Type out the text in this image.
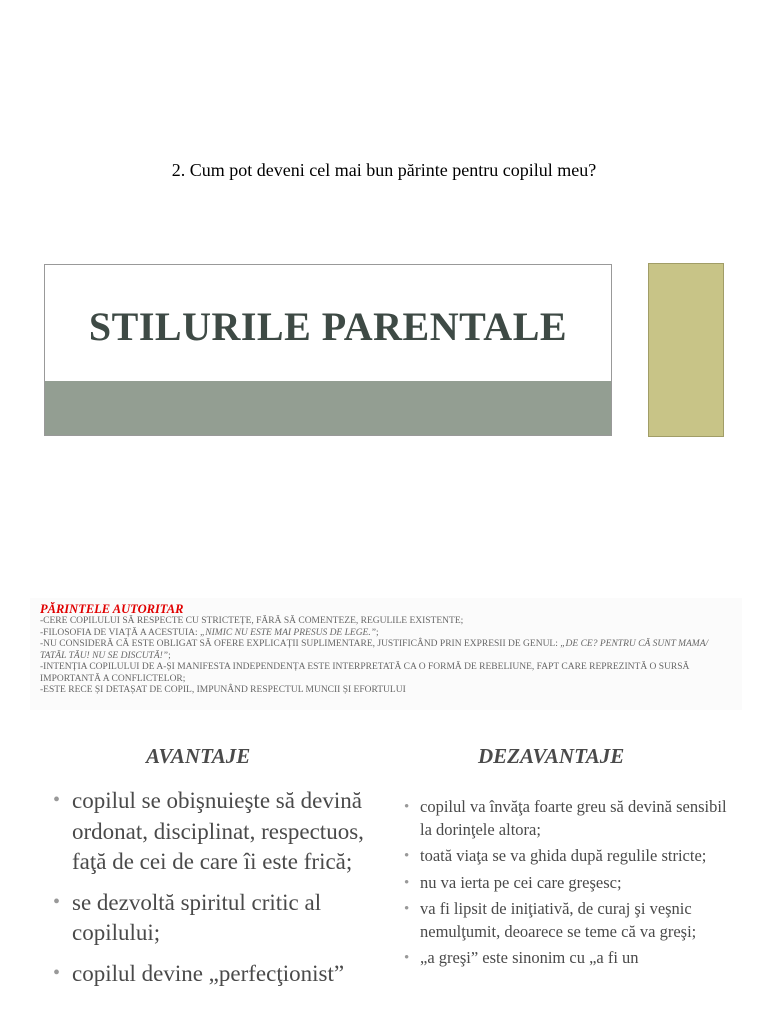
2. Cum pot deveni cel mai bun părinte pentru copilul meu?

STILURILE PARENTALE

PĂRINTELE AUTORITAR

-CERE COPILULUI SĂ RESPECTE CU STRICTEȚE, FĂRĂ SĂ COMENTEZE, REGULILE EXISTENTE;

-FILOSOFIA DE VIAȚĂ A ACESTUIA: „NIMIC NU ESTE MAI PRESUS DE LEGE.”;

-NU CONSIDERĂ CĂ ESTE OBLIGAT SĂ OFERE EXPLICAȚII SUPLIMENTARE, JUSTIFICÂND PRIN EXPRESII DE GENUL: „DE CE? PENTRU CĂ SUNT MAMA/ TATĂL TĂU! NU SE DISCUTĂ!”;

-INTENȚIA COPILULUI DE A-ȘI MANIFESTA INDEPENDENȚA ESTE INTERPRETATĂ CA O FORMĂ DE REBELIUNE, FAPT CARE REPREZINTĂ O SURSĂ IMPORTANTĂ A CONFLICTELOR;

-ESTE RECE ȘI DETAȘAT DE COPIL, IMPUNÂND RESPECTUL MUNCII ȘI EFORTULUI

AVANTAJE	DEZAVANTAJE
• copilul se obişnuieşte să devină ordonat, disciplinat, respectuos, faţă de cei de care îi este frică;
• se dezvoltă spiritul critic al copilului;
• copilul devine „perfecţionist”
• copilul va învăţa foarte greu să devină sensibil la dorinţele altora;
• toată viaţa se va ghida după regulile stricte;
• nu va ierta pe cei care greşesc;
• va fi lipsit de iniţiativă, de curaj şi veşnic nemulţumit, deoarece se teme că va greşi;
• „a greşi” este sinonim cu „a fi un
